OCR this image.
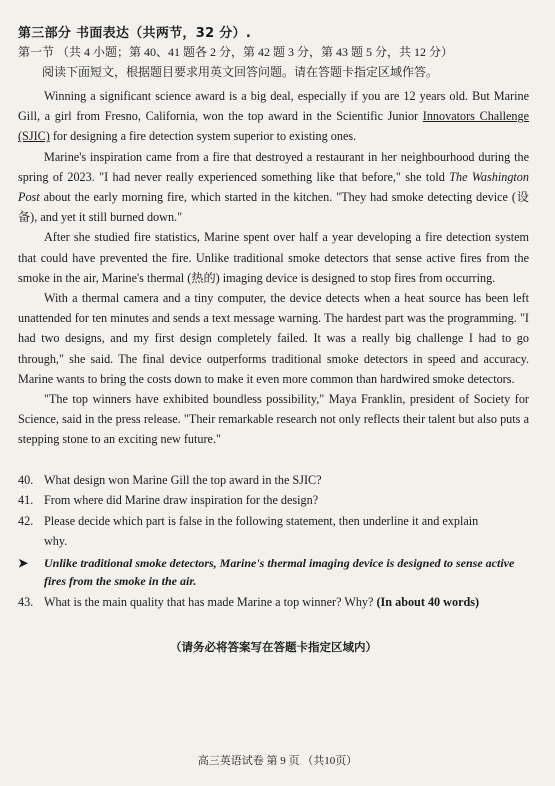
第三部分 书面表达（共两节，32 分）.
第一节 （共 4 小题；第 40、41 题各 2 分，第 42 题 3 分，第 43 题 5 分，共 12 分）
阅读下面短文，根据题目要求用英文回答问题。请在答题卡指定区域作答。

Winning a significant science award is a big deal, especially if you are 12 years old. But Marine Gill, a girl from Fresno, California, won the top award in the Scientific Junior Innovators Challenge (SJIC) for designing a fire detection system superior to existing ones.

Marine's inspiration came from a fire that destroyed a restaurant in her neighbourhood during the spring of 2023. "I had never really experienced something like that before," she told The Washington Post about the early morning fire, which started in the kitchen. "They had smoke detecting device (设备), and yet it still burned down."

After she studied fire statistics, Marine spent over half a year developing a fire detection system that could have prevented the fire. Unlike traditional smoke detectors that sense active fires from the smoke in the air, Marine's thermal (热的) imaging device is designed to stop fires from occurring.

With a thermal camera and a tiny computer, the device detects when a heat source has been left unattended for ten minutes and sends a text message warning. The hardest part was the programming. "I had two designs, and my first design completely failed. It was a really big challenge I had to go through," she said. The final device outperforms traditional smoke detectors in speed and accuracy. Marine wants to bring the costs down to make it even more common than hardwired smoke detectors.

"The top winners have exhibited boundless possibility," Maya Franklin, president of Society for Science, said in the press release. "Their remarkable research not only reflects their talent but also puts a stepping stone to an exciting new future."

40. What design won Marine Gill the top award in the SJIC?

41. From where did Marine draw inspiration for the design?

42. Please decide which part is false in the following statement, then underline it and explain

why.

➤	Unlike traditional smoke detectors, Marine's thermal imaging device is designed to sense active fires from the smoke in the air.

43. What is the main quality that has made Marine a top winner? Why? (In about 40 words)

（请务必将答案写在答题卡指定区域内）
高三英语试卷 第 9 页 （共10页）
